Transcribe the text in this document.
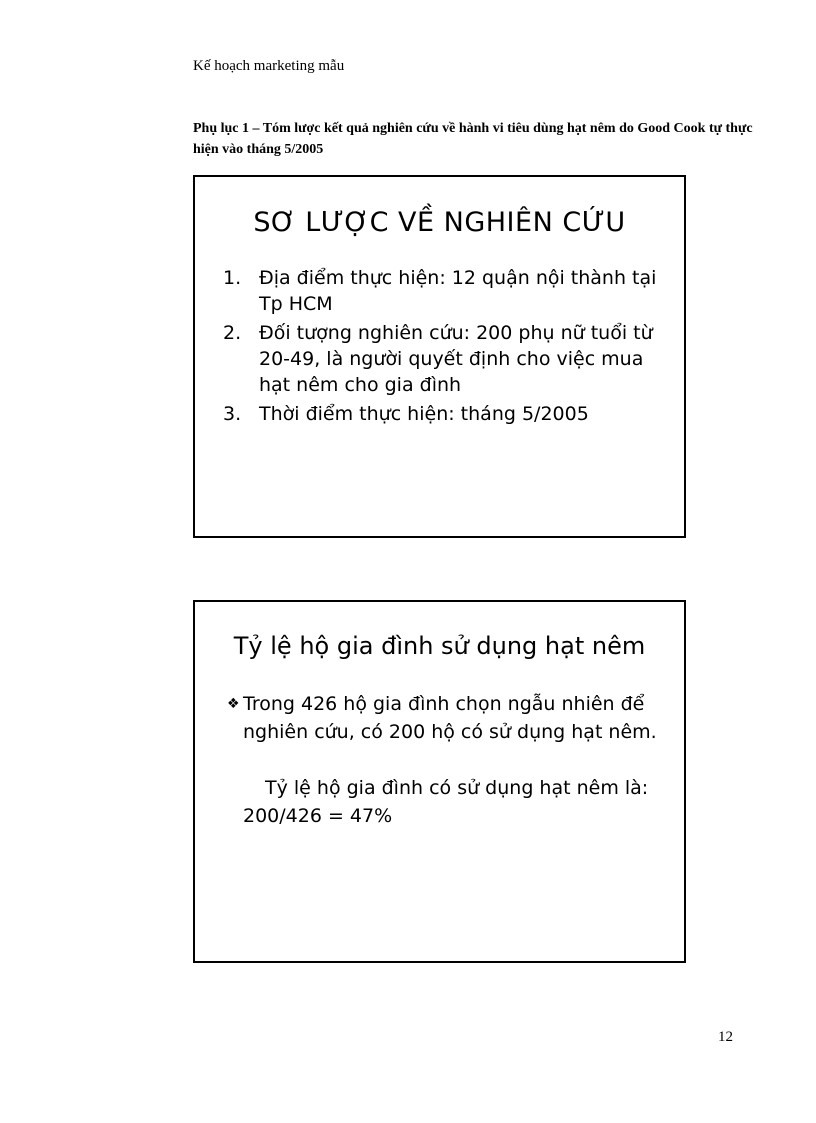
Kế hoạch marketing mẫu
Phụ lục 1 – Tóm lược kết quả nghiên cứu về hành vi tiêu dùng hạt nêm do Good Cook tự thực hiện vào tháng 5/2005
SƠ LƯỢC VỀ NGHIÊN CỨU
1. Địa điểm thực hiện: 12 quận nội thành tại Tp HCM
2. Đối tượng nghiên cứu: 200 phụ nữ tuổi từ 20-49, là người quyết định cho việc mua hạt nêm cho gia đình
3. Thời điểm thực hiện: tháng 5/2005
Tỷ lệ hộ gia đình sử dụng hạt nêm
❖ Trong 426 hộ gia đình chọn ngẫu nhiên để nghiên cứu, có 200 hộ có sử dụng hạt nêm.
Tỷ lệ hộ gia đình có sử dụng hạt nêm là: 200/426 = 47%
12
